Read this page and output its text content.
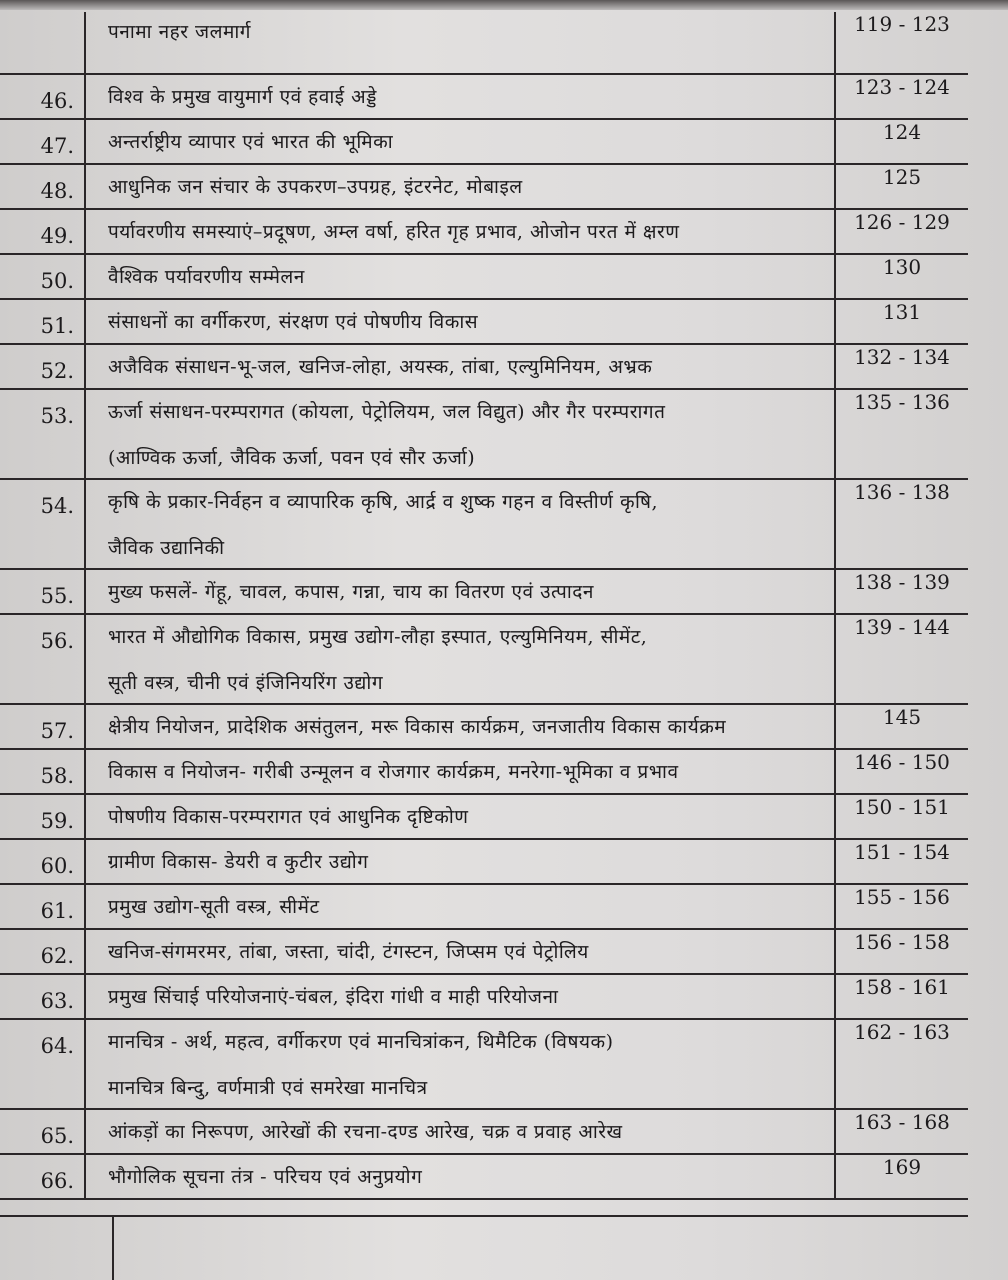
	पनामा नहर जलमार्ग	119 - 123
46.	विश्व के प्रमुख वायुमार्ग एवं हवाई अड्डे	123 - 124
47.	अन्तर्राष्ट्रीय व्यापार एवं भारत की भूमिका	124
48.	आधुनिक जन संचार के उपकरण–उपग्रह, इंटरनेट, मोबाइल	125
49.	पर्यावरणीय समस्याएं–प्रदूषण, अम्ल वर्षा, हरित गृह प्रभाव, ओजोन परत में क्षरण	126 - 129
50.	वैश्विक पर्यावरणीय सम्मेलन	130
51.	संसाधनों का वर्गीकरण, संरक्षण एवं पोषणीय विकास	131
52.	अजैविक संसाधन-भू-जल, खनिज-लोहा, अयस्क, तांबा, एल्युमिनियम, अभ्रक	132 - 134
53.	ऊर्जा संसाधन-परम्परागत (कोयला, पेट्रोलियम, जल विद्युत) और गैर परम्परागत
(आण्विक ऊर्जा, जैविक ऊर्जा, पवन एवं सौर ऊर्जा)	135 - 136
54.	कृषि के प्रकार-निर्वहन व व्यापारिक कृषि, आर्द्र व शुष्क गहन व विस्तीर्ण कृषि,
जैविक उद्यानिकी	136 - 138
55.	मुख्य फसलें- गेंहू, चावल, कपास, गन्ना, चाय का वितरण एवं उत्पादन	138 - 139
56.	भारत में औद्योगिक विकास, प्रमुख उद्योग-लौहा इस्पात, एल्युमिनियम, सीमेंट,
सूती वस्त्र, चीनी एवं इंजिनियरिंग उद्योग	139 - 144
57.	क्षेत्रीय नियोजन, प्रादेशिक असंतुलन, मरू विकास कार्यक्रम, जनजातीय विकास कार्यक्रम	145
58.	विकास व नियोजन- गरीबी उन्मूलन व रोजगार कार्यक्रम, मनरेगा-भूमिका व प्रभाव	146 - 150
59.	पोषणीय विकास-परम्परागत एवं आधुनिक दृष्टिकोण	150 - 151
60.	ग्रामीण विकास- डेयरी व कुटीर उद्योग	151 - 154
61.	प्रमुख उद्योग-सूती वस्त्र, सीमेंट	155 - 156
62.	खनिज-संगमरमर, तांबा, जस्ता, चांदी, टंगस्टन, जिप्सम एवं पेट्रोलिय	156 - 158
63.	प्रमुख सिंचाई परियोजनाएं-चंबल, इंदिरा गांधी व माही परियोजना	158 - 161
64.	मानचित्र - अर्थ, महत्व, वर्गीकरण एवं मानचित्रांकन, थिमैटिक (विषयक)
मानचित्र बिन्दु, वर्णमात्री एवं समरेखा मानचित्र	162 - 163
65.	आंकड़ों का निरूपण, आरेखों की रचना-दण्ड आरेख, चक्र व प्रवाह आरेख	163 - 168
66.	भौगोलिक सूचना तंत्र - परिचय एवं अनुप्रयोग	169
